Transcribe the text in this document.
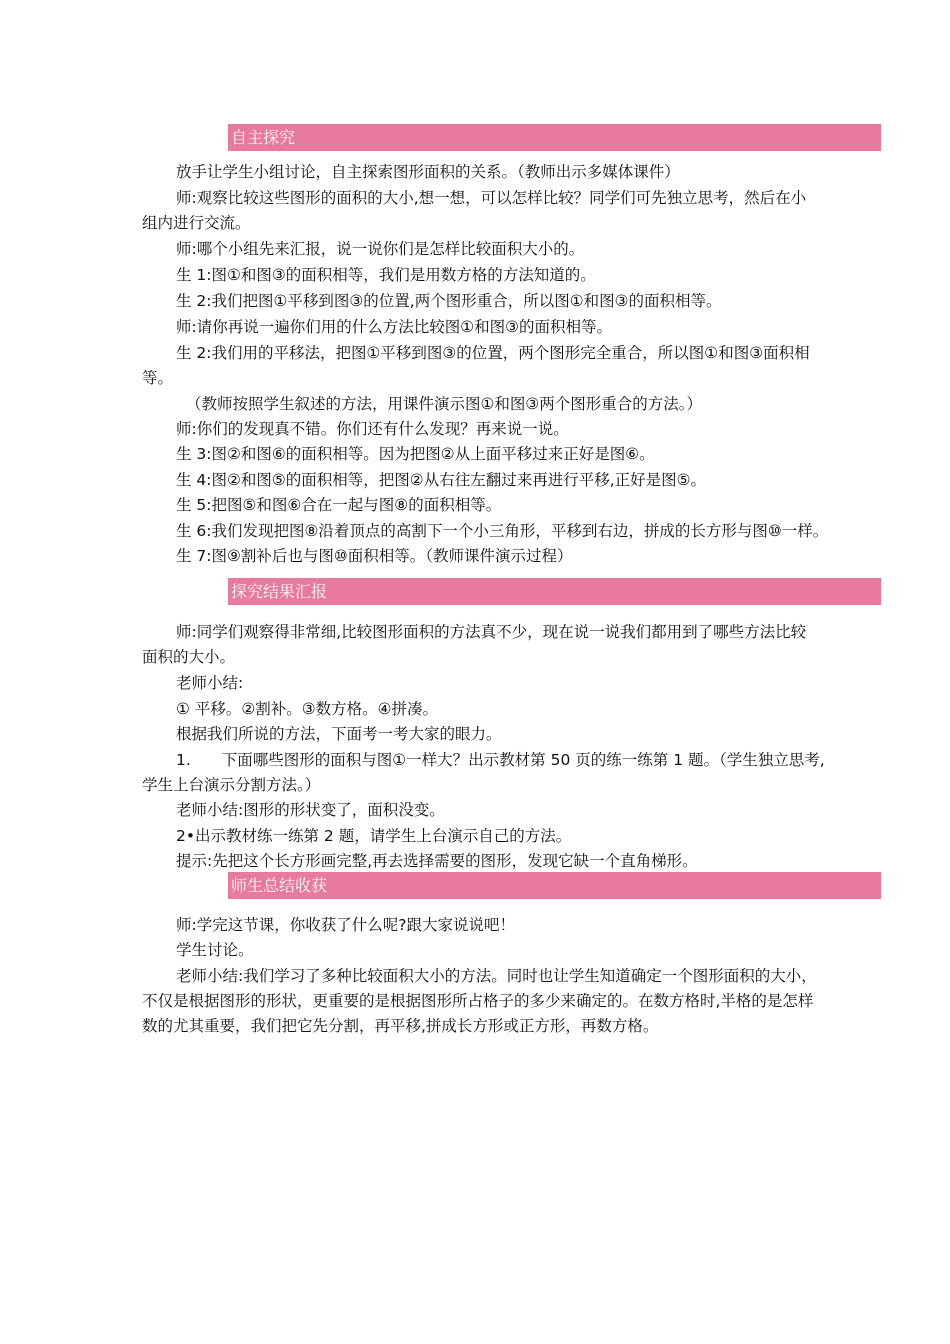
自主探究
放手让学生小组讨论，自主探索图形面积的关系。（教师出示多媒体课件）
师:观察比较这些图形的面积的大小,想一想，可以怎样比较？同学们可先独立思考，然后在小
组内进行交流。
师:哪个小组先来汇报，说一说你们是怎样比较面积大小的。
生 1:图①和图③的面积相等，我们是用数方格的方法知道的。
生 2:我们把图①平移到图③的位置,两个图形重合，所以图①和图③的面积相等。
师:请你再说一遍你们用的什么方法比较图①和图③的面积相等。
生 2:我们用的平移法，把图①平移到图③的位置，两个图形完全重合，所以图①和图③面积相
等。
（教师按照学生叙述的方法，用课件演示图①和图③两个图形重合的方法。）
师:你们的发现真不错。你们还有什么发现？再来说一说。
生 3:图②和图⑥的面积相等。因为把图②从上面平移过来正好是图⑥。
生 4:图②和图⑤的面积相等，把图②从右往左翻过来再进行平移,正好是图⑤。
生 5:把图⑤和图⑥合在一起与图⑧的面积相等。
生 6:我们发现把图⑧沿着顶点的高割下一个小三角形，平移到右边，拼成的长方形与图⑩一样。
生 7:图⑨割补后也与图⑩面积相等。（教师课件演示过程）
探究结果汇报
师:同学们观察得非常细,比较图形面积的方法真不少，现在说一说我们都用到了哪些方法比较
面积的大小。
老师小结:
① 平移。②割补。③数方格。④拼凑。
根据我们所说的方法，下面考一考大家的眼力。
1.　　下面哪些图形的面积与图①一样大？出示教材第 50 页的练一练第 1 题。（学生独立思考,
学生上台演示分割方法。）
老师小结:图形的形状变了，面积没变。
2•出示教材练一练第 2 题，请学生上台演示自己的方法。
提示:先把这个长方形画完整,再去选择需要的图形，发现它缺一个直角梯形。
师生总结收获
师:学完这节课，你收获了什么呢?跟大家说说吧！
学生讨论。
老师小结:我们学习了多种比较面积大小的方法。同时也让学生知道确定一个图形面积的大小，
不仅是根据图形的形状，更重要的是根据图形所占格子的多少来确定的。在数方格时,半格的是怎样
数的尤其重要，我们把它先分割，再平移,拼成长方形或正方形，再数方格。
